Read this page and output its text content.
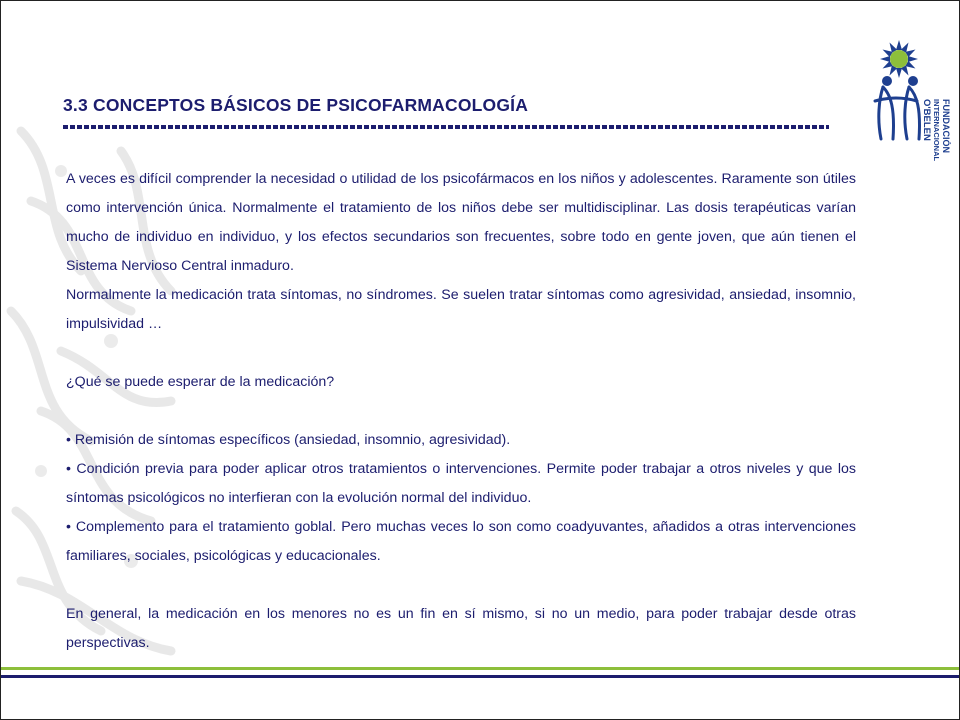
3.3 CONCEPTOS BÁSICOS DE PSICOFARMACOLOGÍA

A veces es difícil comprender la necesidad o utilidad de los psicofármacos en los niños y adolescentes. Raramente son útiles como intervención única. Normalmente el tratamiento de los niños debe ser multidisciplinar. Las dosis terapéuticas varían mucho de individuo en individuo, y los efectos secundarios son frecuentes, sobre todo en gente joven, que aún tienen el Sistema Nervioso Central inmaduro.

Normalmente la medicación trata síntomas, no síndromes. Se suelen tratar síntomas como agresividad, ansiedad, insomnio, impulsividad …

¿Qué se puede esperar de la medicación?

• Remisión de síntomas específicos (ansiedad, insomnio, agresividad).

• Condición previa para poder aplicar otros tratamientos o intervenciones. Permite poder trabajar a otros niveles y que los síntomas psicológicos no interfieran con la evolución normal del individuo.

• Complemento para el tratamiento goblal. Pero muchas veces lo son como coadyuvantes, añadidos a otras intervenciones familiares, sociales, psicológicas y educacionales.

En general, la medicación en los menores no es un fin en sí mismo, si no un medio, para poder trabajar desde otras perspectivas.

FUNDACIÓN
INTERNACIONAL
O'BELEN
